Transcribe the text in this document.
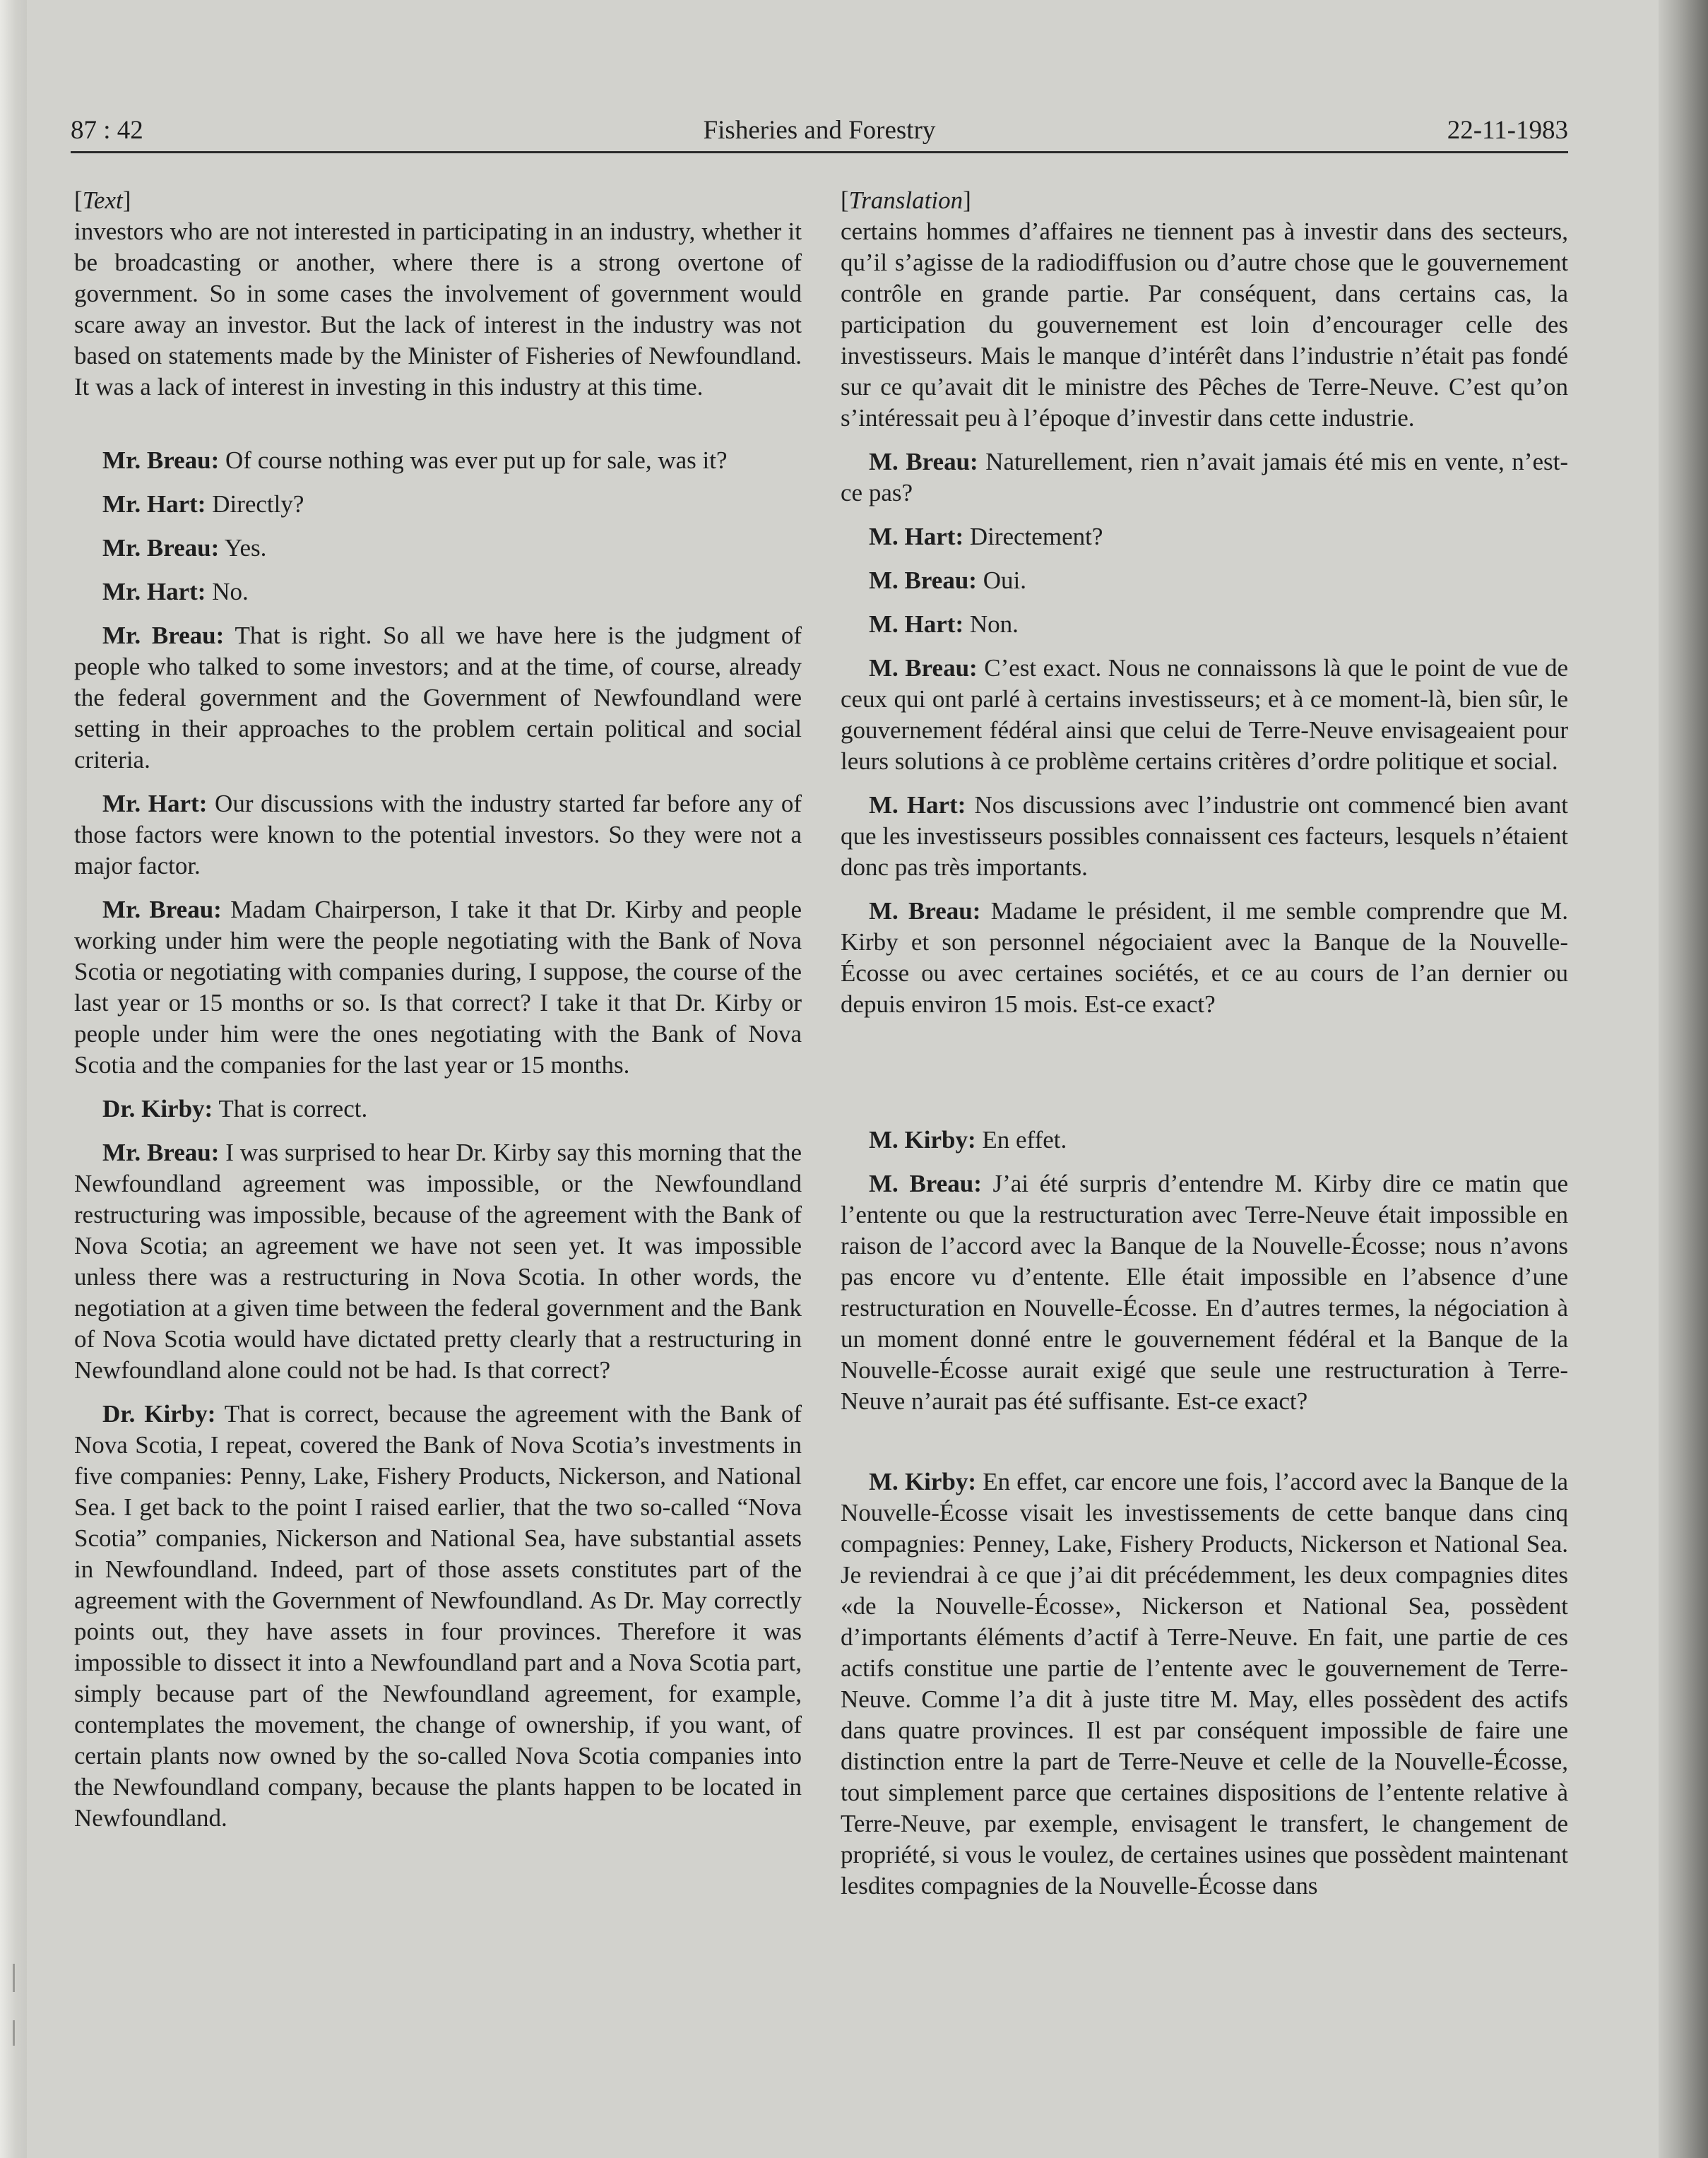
87 : 42	Fisheries and Forestry	22-11-1983

[Text]

investors who are not interested in participating in an industry, whether it be broadcasting or another, where there is a strong overtone of government. So in some cases the involvement of government would scare away an investor. But the lack of interest in the industry was not based on statements made by the Minister of Fisheries of Newfoundland. It was a lack of interest in investing in this industry at this time.

Mr. Breau: Of course nothing was ever put up for sale, was it?

Mr. Hart: Directly?

Mr. Breau: Yes.

Mr. Hart: No.

Mr. Breau: That is right. So all we have here is the judgment of people who talked to some investors; and at the time, of course, already the federal government and the Government of Newfoundland were setting in their approaches to the problem certain political and social criteria.

Mr. Hart: Our discussions with the industry started far before any of those factors were known to the potential investors. So they were not a major factor.

Mr. Breau: Madam Chairperson, I take it that Dr. Kirby and people working under him were the people negotiating with the Bank of Nova Scotia or negotiating with companies during, I suppose, the course of the last year or 15 months or so. Is that correct? I take it that Dr. Kirby or people under him were the ones negotiating with the Bank of Nova Scotia and the companies for the last year or 15 months.

Dr. Kirby: That is correct.

Mr. Breau: I was surprised to hear Dr. Kirby say this morning that the Newfoundland agreement was impossible, or the Newfoundland restructuring was impossible, because of the agreement with the Bank of Nova Scotia; an agreement we have not seen yet. It was impossible unless there was a restructuring in Nova Scotia. In other words, the negotiation at a given time between the federal government and the Bank of Nova Scotia would have dictated pretty clearly that a restructuring in Newfoundland alone could not be had. Is that correct?

Dr. Kirby: That is correct, because the agreement with the Bank of Nova Scotia, I repeat, covered the Bank of Nova Scotia’s investments in five companies: Penny, Lake, Fishery Products, Nickerson, and National Sea. I get back to the point I raised earlier, that the two so-called “Nova Scotia” companies, Nickerson and National Sea, have substantial assets in Newfoundland. Indeed, part of those assets constitutes part of the agreement with the Government of Newfoundland. As Dr. May correctly points out, they have assets in four provinces. Therefore it was impossible to dissect it into a Newfoundland part and a Nova Scotia part, simply because part of the Newfoundland agreement, for example, contemplates the movement, the change of ownership, if you want, of certain plants now owned by the so-called Nova Scotia companies into the Newfoundland company, because the plants happen to be located in Newfoundland.

[Translation]

certains hommes d’affaires ne tiennent pas à investir dans des secteurs, qu’il s’agisse de la radiodiffusion ou d’autre chose que le gouvernement contrôle en grande partie. Par conséquent, dans certains cas, la participation du gouvernement est loin d’encourager celle des investisseurs. Mais le manque d’intérêt dans l’industrie n’était pas fondé sur ce qu’avait dit le ministre des Pêches de Terre-Neuve. C’est qu’on s’intéressait peu à l’époque d’investir dans cette industrie.

M. Breau: Naturellement, rien n’avait jamais été mis en vente, n’est-ce pas?

M. Hart: Directement?

M. Breau: Oui.

M. Hart: Non.

M. Breau: C’est exact. Nous ne connaissons là que le point de vue de ceux qui ont parlé à certains investisseurs; et à ce moment-là, bien sûr, le gouvernement fédéral ainsi que celui de Terre-Neuve envisageaient pour leurs solutions à ce problème certains critères d’ordre politique et social.

M. Hart: Nos discussions avec l’industrie ont commencé bien avant que les investisseurs possibles connaissent ces facteurs, lesquels n’étaient donc pas très importants.

M. Breau: Madame le président, il me semble comprendre que M. Kirby et son personnel négociaient avec la Banque de la Nouvelle-Écosse ou avec certaines sociétés, et ce au cours de l’an dernier ou depuis environ 15 mois. Est-ce exact?

M. Kirby: En effet.

M. Breau: J’ai été surpris d’entendre M. Kirby dire ce matin que l’entente ou que la restructuration avec Terre-Neuve était impossible en raison de l’accord avec la Banque de la Nouvelle-Écosse; nous n’avons pas encore vu d’entente. Elle était impossible en l’absence d’une restructuration en Nouvelle-Écosse. En d’autres termes, la négociation à un moment donné entre le gouvernement fédéral et la Banque de la Nouvelle-Écosse aurait exigé que seule une restructuration à Terre-Neuve n’aurait pas été suffisante. Est-ce exact?

M. Kirby: En effet, car encore une fois, l’accord avec la Banque de la Nouvelle-Écosse visait les investissements de cette banque dans cinq compagnies: Penney, Lake, Fishery Products, Nickerson et National Sea. Je reviendrai à ce que j’ai dit précédemment, les deux compagnies dites «de la Nouvelle-Écosse», Nickerson et National Sea, possèdent d’importants éléments d’actif à Terre-Neuve. En fait, une partie de ces actifs constitue une partie de l’entente avec le gouvernement de Terre-Neuve. Comme l’a dit à juste titre M. May, elles possèdent des actifs dans quatre provinces. Il est par conséquent impossible de faire une distinction entre la part de Terre-Neuve et celle de la Nouvelle-Écosse, tout simplement parce que certaines dispositions de l’entente relative à Terre-Neuve, par exemple, envisagent le transfert, le changement de propriété, si vous le voulez, de certaines usines que possèdent maintenant lesdites compagnies de la Nouvelle-Écosse dans
